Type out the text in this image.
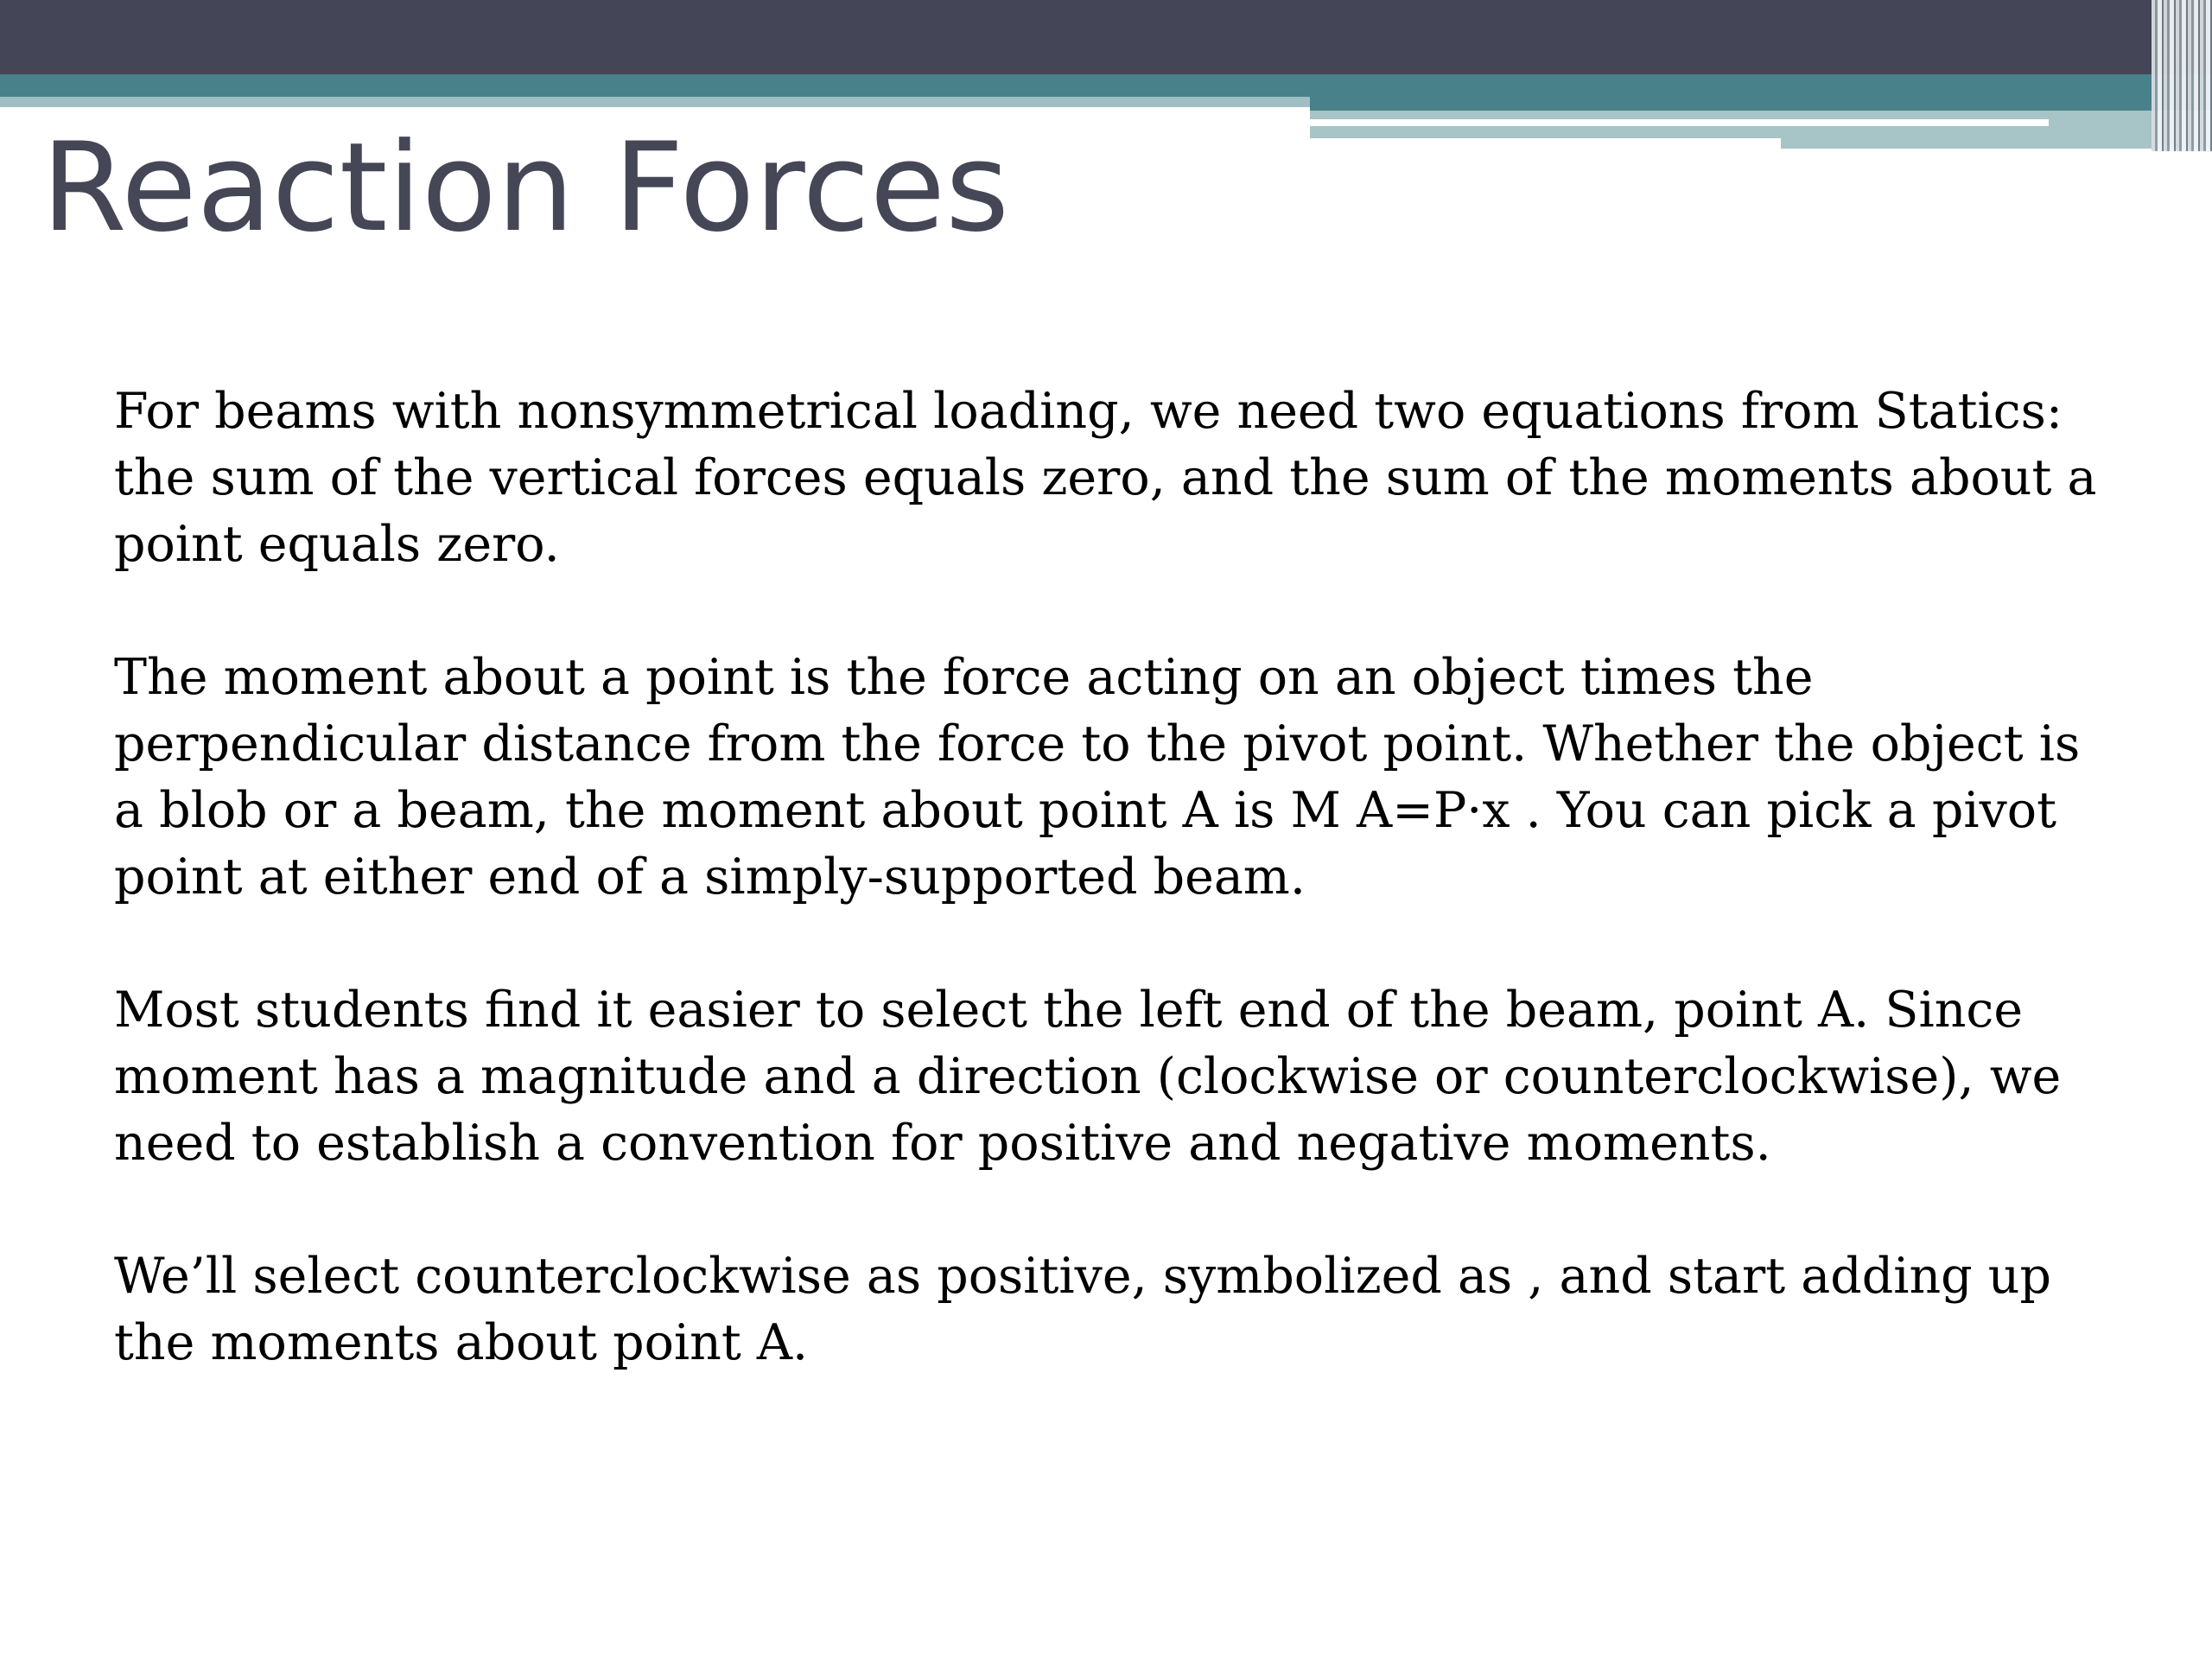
Reaction Forces

For beams with nonsymmetrical loading, we need two equations from Statics:
the sum of the vertical forces equals zero, and the sum of the moments about a
point equals zero.

The moment about a point is the force acting on an object times the
perpendicular distance from the force to the pivot point. Whether the object is
a blob or a beam, the moment about point A is M A=P·x . You can pick a pivot
point at either end of a simply-supported beam.

Most students find it easier to select the left end of the beam, point A. Since
moment has a magnitude and a direction (clockwise or counterclockwise), we
need to establish a convention for positive and negative moments.

We’ll select counterclockwise as positive, symbolized as , and start adding up
the moments about point A.
